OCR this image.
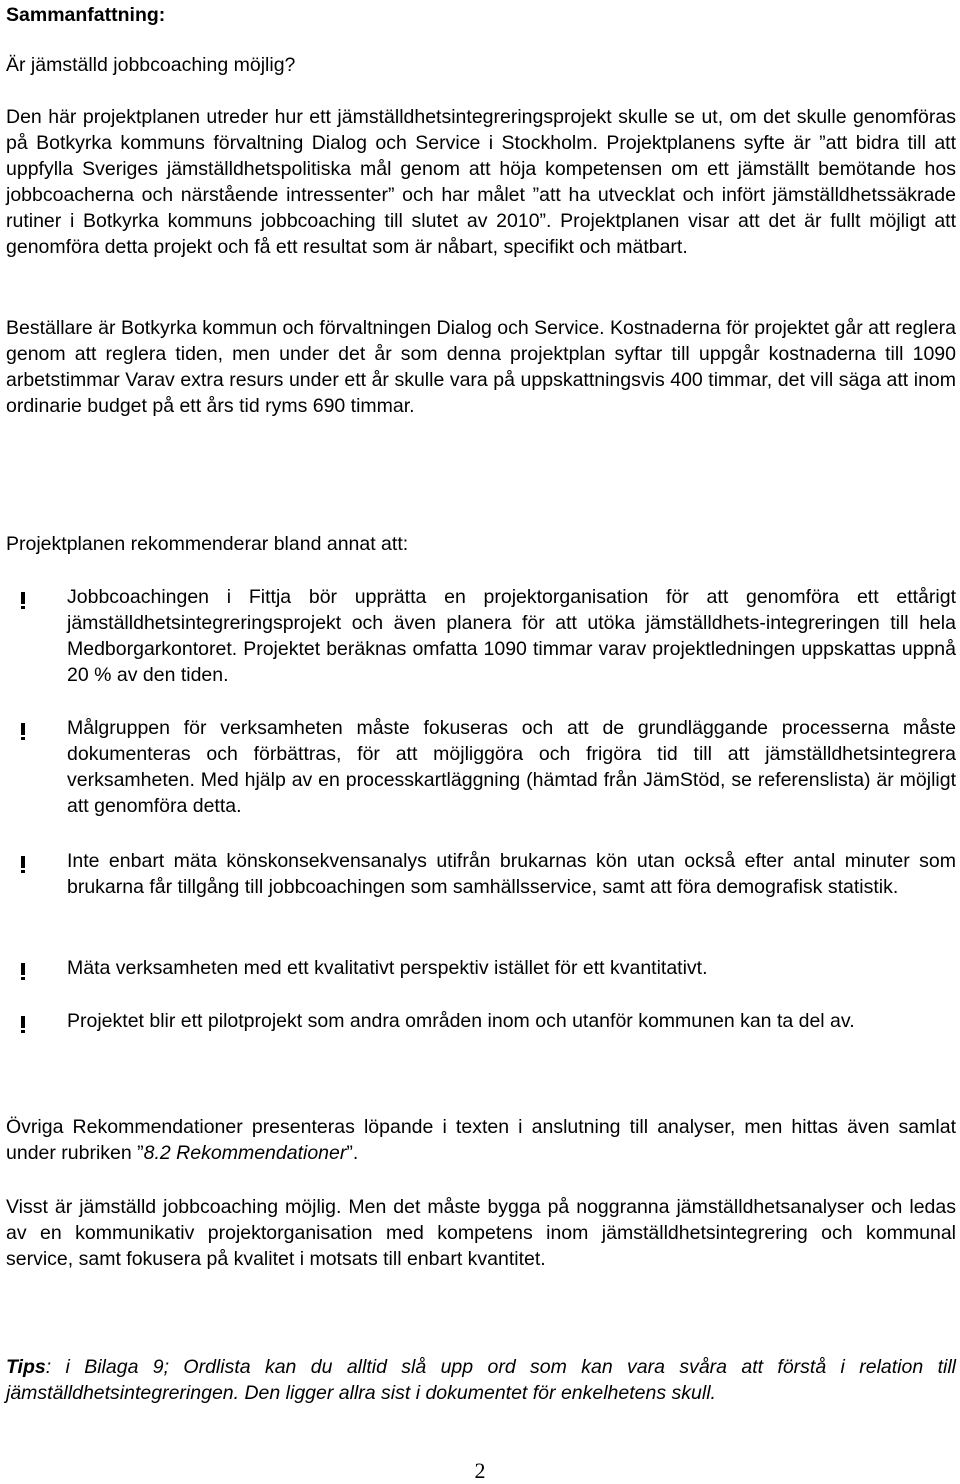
Sammanfattning:

Är jämställd jobbcoaching möjlig?

Den här projektplanen utreder hur ett jämställdhetsintegreringsprojekt skulle se ut, om det skulle genomföras på Botkyrka kommuns förvaltning Dialog och Service i Stockholm. Projektplanens syfte är ”att bidra till att uppfylla Sveriges jämställdhetspolitiska mål genom att höja kompetensen om ett jämställt bemötande hos jobbcoacherna och närstående intressenter” och har målet ”att ha utvecklat och infört jämställdhetssäkrade rutiner i Botkyrka kommuns jobbcoaching till slutet av 2010”. Projektplanen visar att det är fullt möjligt att genomföra detta projekt och få ett resultat som är nåbart, specifikt och mätbart.

Beställare är Botkyrka kommun och förvaltningen Dialog och Service. Kostnaderna för projektet går att reglera genom att reglera tiden, men under det år som denna projektplan syftar till uppgår kostnaderna till 1090 arbetstimmar Varav extra resurs under ett år skulle vara på uppskattningsvis 400 timmar, det vill säga att inom ordinarie budget på ett års tid ryms 690 timmar.

Projektplanen rekommenderar bland annat att:

Jobbcoachingen i Fittja bör upprätta en projektorganisation för att genomföra ett ettårigt jämställdhetsintegreringsprojekt och även planera för att utöka jämställdhets-integreringen till hela Medborgarkontoret. Projektet beräknas omfatta 1090 timmar varav projektledningen uppskattas uppnå 20 % av den tiden.
Målgruppen för verksamheten måste fokuseras och att de grundläggande processerna måste dokumenteras och förbättras, för att möjliggöra och frigöra tid till att jämställdhetsintegrera verksamheten. Med hjälp av en processkartläggning (hämtad från JämStöd, se referenslista) är möjligt att genomföra detta.
Inte enbart mäta könskonsekvensanalys utifrån brukarnas kön utan också efter antal minuter som brukarna får tillgång till jobbcoachingen som samhällsservice, samt att föra demografisk statistik.
Mäta verksamheten med ett kvalitativt perspektiv istället för ett kvantitativt.
Projektet blir ett pilotprojekt som andra områden inom och utanför kommunen kan ta del av.

Övriga Rekommendationer presenteras löpande i texten i anslutning till analyser, men hittas även samlat under rubriken ”8.2 Rekommendationer”.

Visst är jämställd jobbcoaching möjlig. Men det måste bygga på noggranna jämställdhetsanalyser och ledas av en kommunikativ projektorganisation med kompetens inom jämställdhetsintegrering och kommunal service, samt fokusera på kvalitet i motsats till enbart kvantitet.

Tips: i Bilaga 9; Ordlista kan du alltid slå upp ord som kan vara svåra att förstå i relation till jämställdhetsintegreringen. Den ligger allra sist i dokumentet för enkelhetens skull.

2
